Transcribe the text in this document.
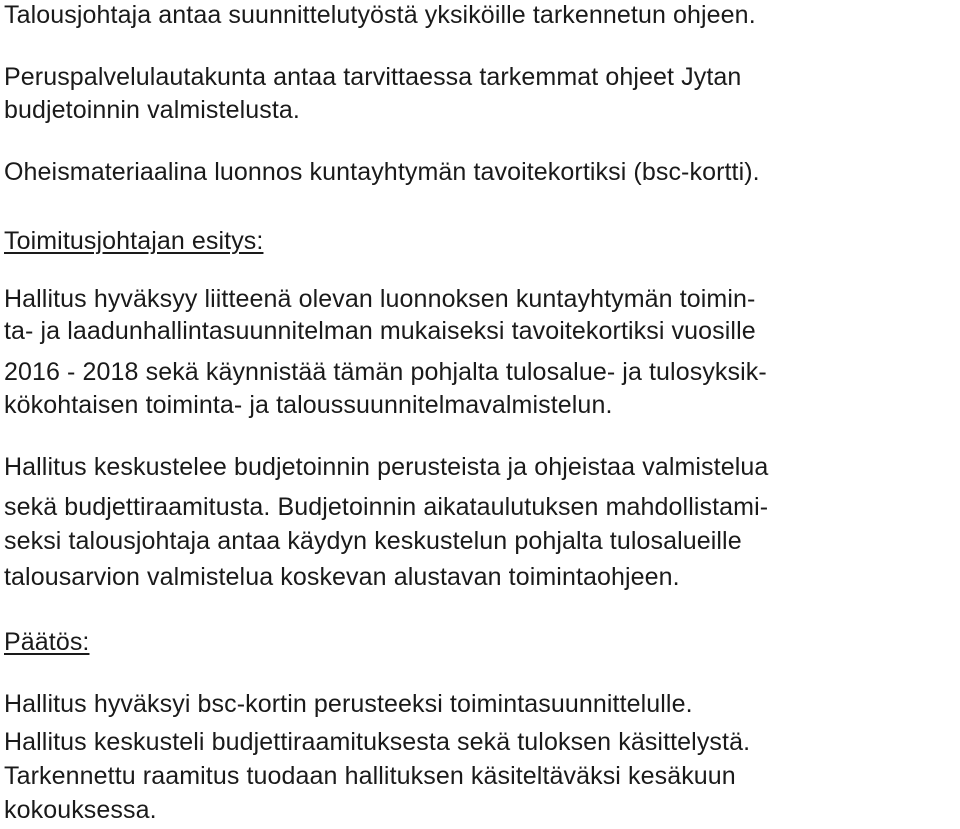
Talousjohtaja antaa suunnittelutyöstä yksiköille tarkennetun ohjeen.
Peruspalvelulautakunta antaa tarvittaessa tarkemmat ohjeet Jytan
budjetoinnin valmistelusta.
Oheismateriaalina luonnos kuntayhtymän tavoitekortiksi (bsc-kortti).
Toimitusjohtajan esitys:
Hallitus hyväksyy liitteenä olevan luonnoksen kuntayhtymän toimin-
ta- ja laadunhallintasuunnitelman mukaiseksi tavoitekortiksi vuosille
2016 - 2018 sekä käynnistää tämän pohjalta tulosalue- ja tulosyksik-
kökohtaisen toiminta- ja taloussuunnitelmavalmistelun.
Hallitus keskustelee budjetoinnin perusteista ja ohjeistaa valmistelua
sekä budjettiraamitusta. Budjetoinnin aikataulutuksen mahdollistami-
seksi talousjohtaja antaa käydyn keskustelun pohjalta tulosalueille
talousarvion valmistelua koskevan alustavan toimintaohjeen.
Päätös:
Hallitus hyväksyi bsc-kortin perusteeksi toimintasuunnittelulle.
Hallitus keskusteli budjettiraamituksesta sekä tuloksen käsittelystä.
Tarkennettu raamitus tuodaan hallituksen käsiteltäväksi kesäkuun
kokouksessa.
